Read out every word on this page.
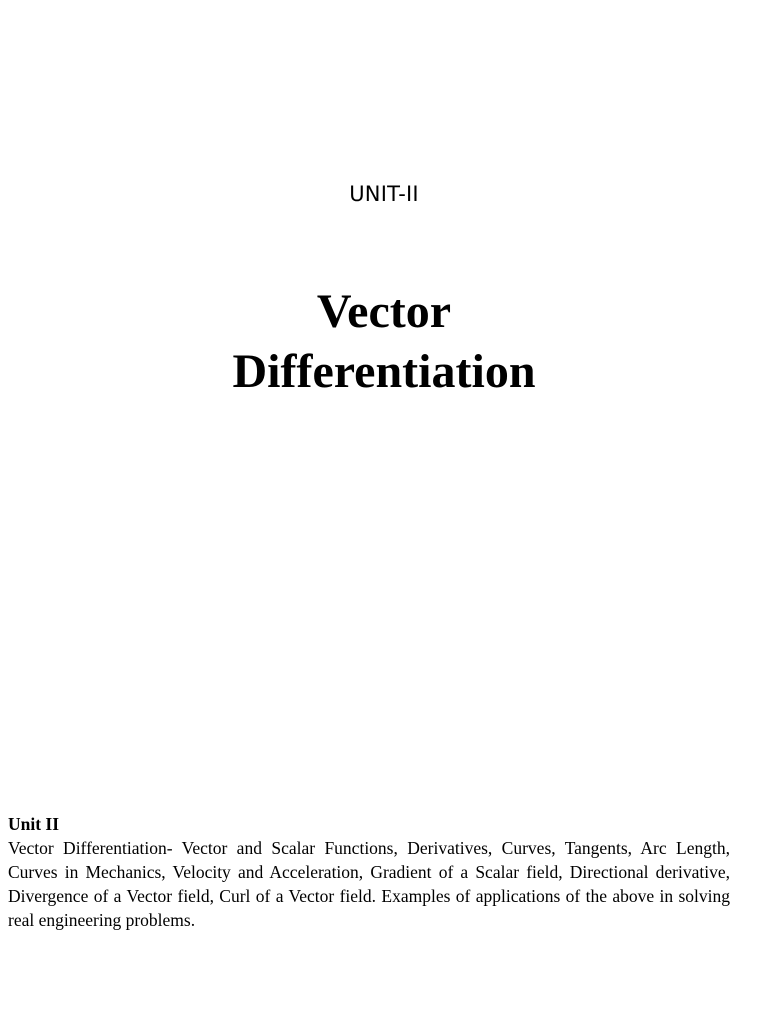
UNIT-II
Vector
Differentiation

Unit II

Vector Differentiation- Vector and Scalar Functions, Derivatives, Curves, Tangents, Arc Length, Curves in Mechanics, Velocity and Acceleration, Gradient of a Scalar field, Directional derivative, Divergence of a Vector field, Curl of a Vector field. Examples of applications of the above in solving real engineering problems.
